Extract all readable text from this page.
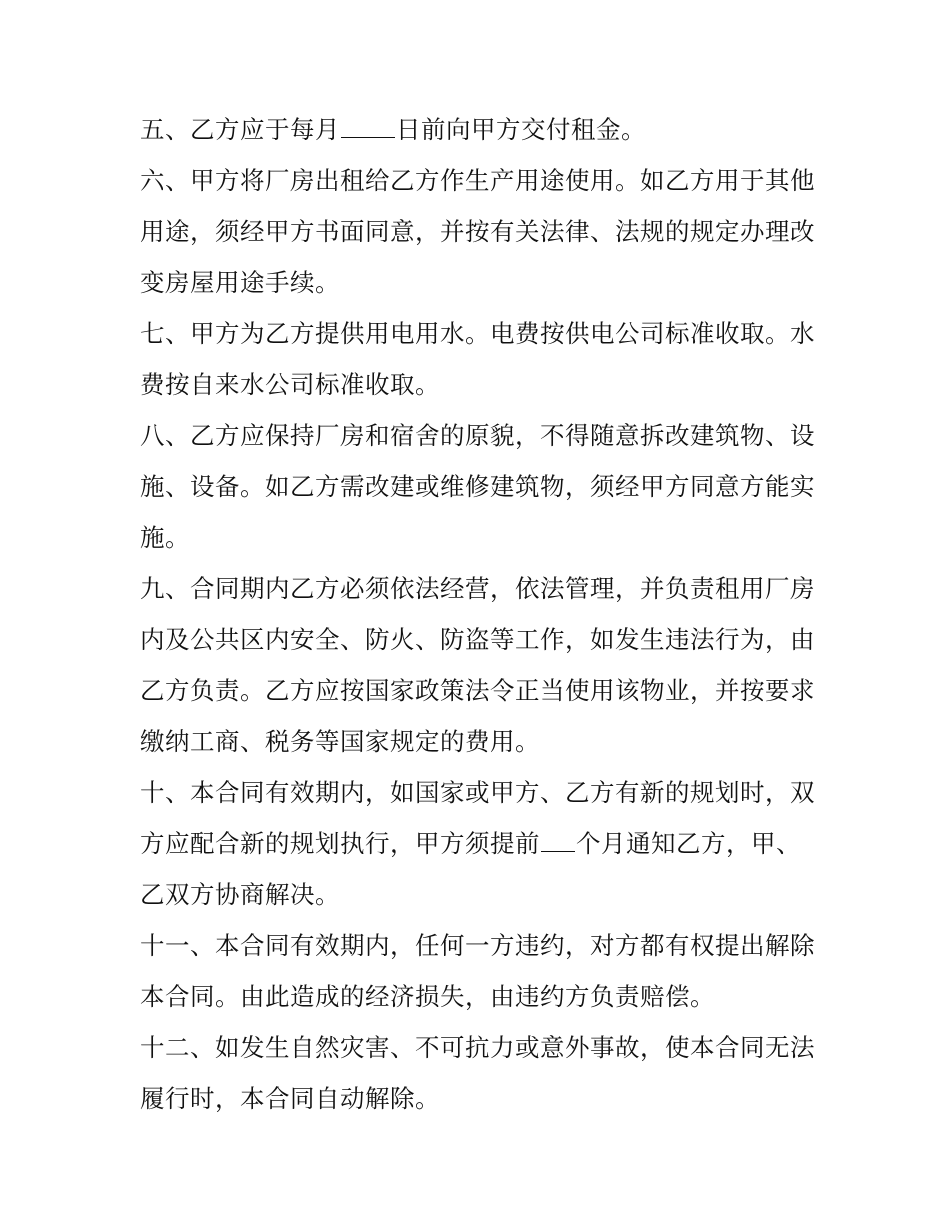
五、乙方应于每月 日前向甲方交付租金。
六、甲方将厂房出租给乙方作生产用途使用。如乙方用于其他
用途，须经甲方书面同意，并按有关法律、法规的规定办理改
变房屋用途手续。
七、甲方为乙方提供用电用水。电费按供电公司标准收取。水
费按自来水公司标准收取。
八、乙方应保持厂房和宿舍的原貌，不得随意拆改建筑物、设
施、设备。如乙方需改建或维修建筑物，须经甲方同意方能实
施。
九、合同期内乙方必须依法经营，依法管理，并负责租用厂房
内及公共区内安全、防火、防盗等工作，如发生违法行为，由
乙方负责。乙方应按国家政策法令正当使用该物业，并按要求
缴纳工商、税务等国家规定的费用。
十、本合同有效期内，如国家或甲方、乙方有新的规划时，双
方应配合新的规划执行，甲方须提前 个月通知乙方，甲、
乙双方协商解决。
十一、本合同有效期内，任何一方违约，对方都有权提出解除
本合同。由此造成的经济损失，由违约方负责赔偿。
十二、如发生自然灾害、不可抗力或意外事故，使本合同无法
履行时，本合同自动解除。
